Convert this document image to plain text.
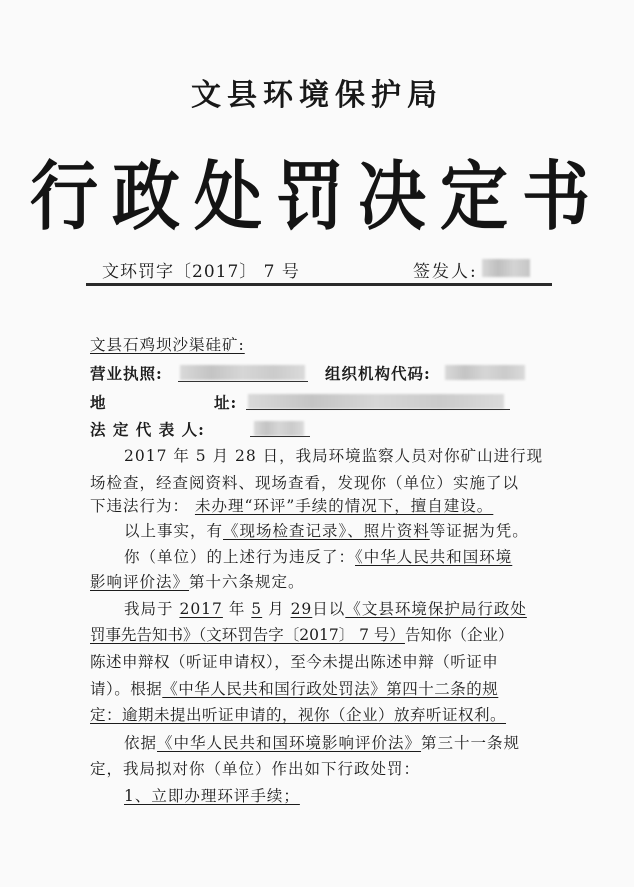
文县环境保护局
行政处罚决定书
文环罚字〔2017〕 7 号	签发人:
文县石鸡坝沙渠硅矿:
营业执照:	组织机构代码:
地	址:
法 定 代 表 人:
2017 年 5 月 28 日，我局环境监察人员对你矿山进行现
场检查，经查阅资料、现场查看，发现你（单位）实施了以
下违法行为： 未办理“环评”手续的情况下，擅自建设。
以上事实，有《现场检查记录》、照片资料等证据为凭。
你（单位）的上述行为违反了：《中华人民共和国环境
影响评价法》第十六条规定。
我局于 2017 年 5 月 29日以《文县环境保护局行政处
罚事先告知书》（文环罚告字〔2017〕 7 号）告知你（企业）
陈述申辩权（听证申请权），至今未提出陈述申辩（听证申
请）。根据《中华人民共和国行政处罚法》第四十二条的规
定：逾期未提出听证申请的，视你（企业）放弃听证权利。
依据《中华人民共和国环境影响评价法》第三十一条规
定，我局拟对你（单位）作出如下行政处罚：
1、立即办理环评手续；
